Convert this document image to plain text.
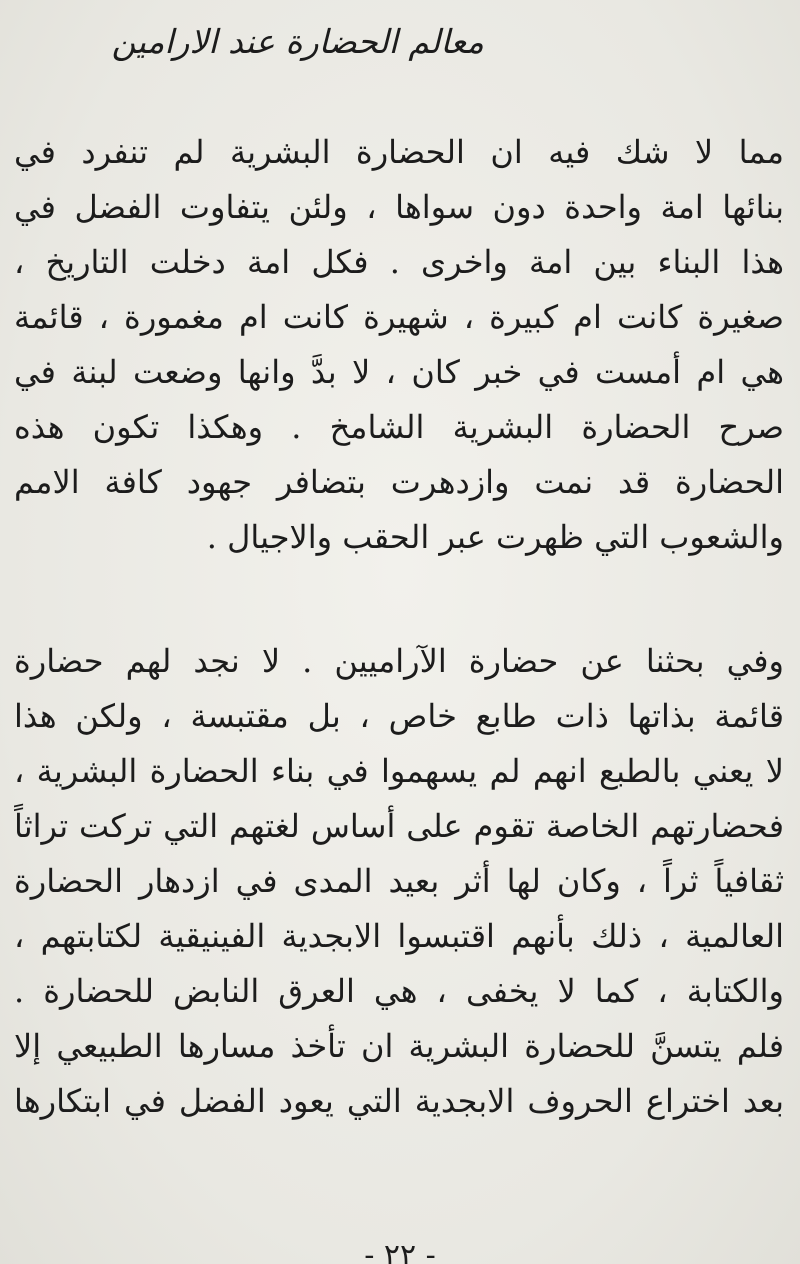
معالم الحضارة عند الارامين

مما لا شك فيه ان الحضارة البشرية لم تنفرد في
بنائها امة واحدة دون سواها ، ولئن يتفاوت الفضل في
هذا البناء بين امة واخرى . فكل امة دخلت التاريخ ،
صغيرة كانت ام كبيرة ، شهيرة كانت ام مغمورة ، قائمة
هي ام أمست في خبر كان ، لا بدَّ وانها وضعت لبنة في
صرح الحضارة البشرية الشامخ . وهكذا تكون هذه
الحضارة قد نمت وازدهرت بتضافر جهود كافة الامم
والشعوب التي ظهرت عبر الحقب والاجيال .

وفي بحثنا عن حضارة الآراميين . لا نجد لهم حضارة
قائمة بذاتها ذات طابع خاص ، بل مقتبسة ، ولكن هذا
لا يعني بالطبع انهم لم يسهموا في بناء الحضارة البشرية ،
فحضارتهم الخاصة تقوم على أساس لغتهم التي تركت تراثاً
ثقافياً ثراً ، وكان لها أثر بعيد المدى في ازدهار الحضارة
العالمية ، ذلك بأنهم اقتبسوا الابجدية الفينيقية لكتابتهم ،
والكتابة ، كما لا يخفى ، هي العرق النابض للحضارة .
فلم يتسنَّ للحضارة البشرية ان تأخذ مسارها الطبيعي إلا
بعد اختراع الحروف الابجدية التي يعود الفضل في ابتكارها

- ٢٢ -
